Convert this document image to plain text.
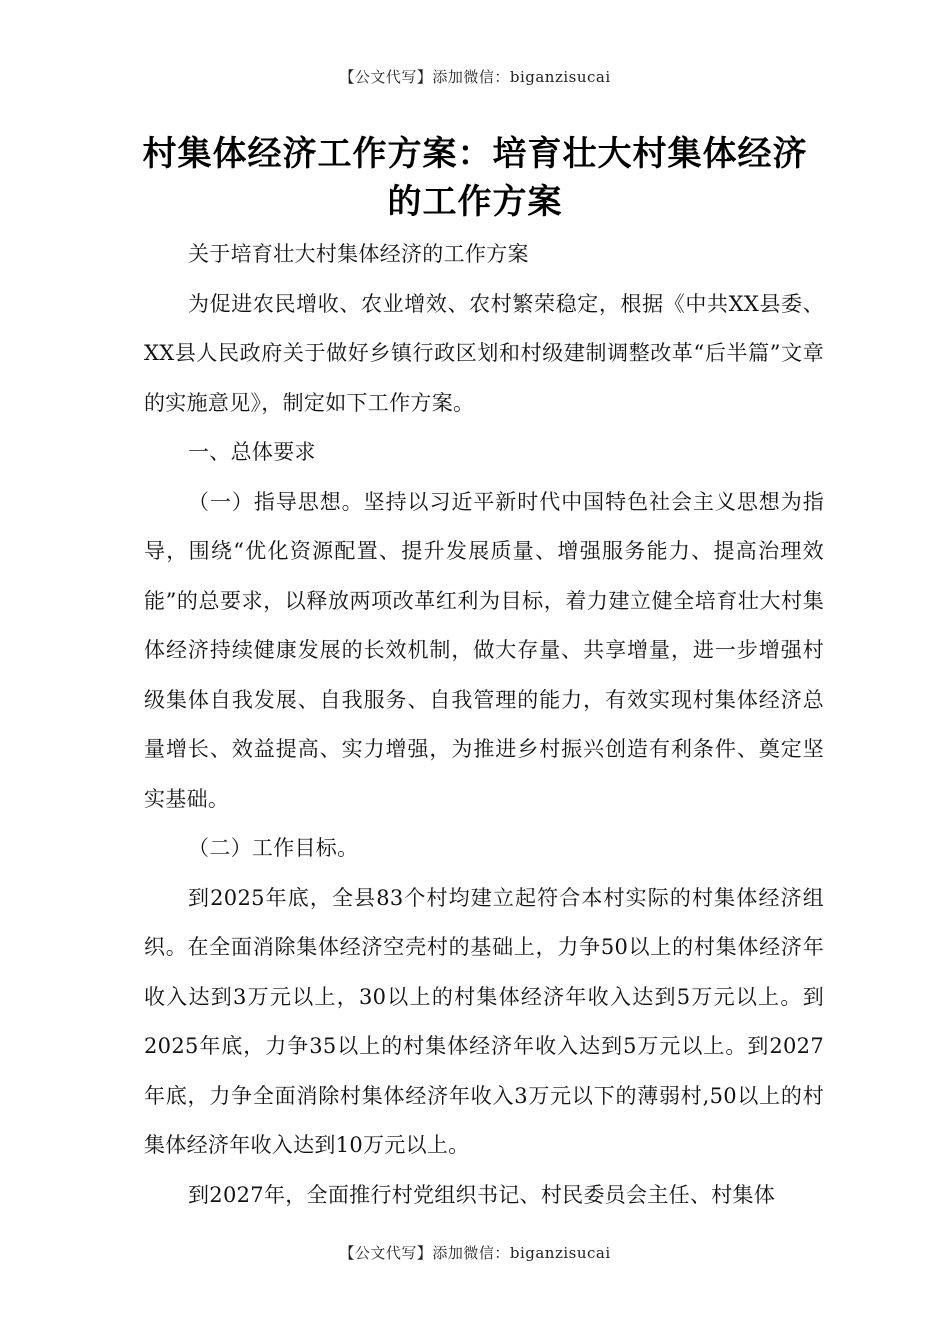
【公文代写】添加微信：biganzisucai
村集体经济工作方案：培育壮大村集体经济的工作方案

关于培育壮大村集体经济的工作方案

为促进农民增收、农业增效、农村繁荣稳定，根据《中共XX县委、XX县人民政府关于做好乡镇行政区划和村级建制调整改革“后半篇”文章的实施意见》，制定如下工作方案。

一、总体要求

（一）指导思想。坚持以习近平新时代中国特色社会主义思想为指导，围绕“优化资源配置、提升发展质量、增强服务能力、提高治理效能”的总要求，以释放两项改革红利为目标，着力建立健全培育壮大村集体经济持续健康发展的长效机制，做大存量、共享增量，进一步增强村级集体自我发展、自我服务、自我管理的能力，有效实现村集体经济总量增长、效益提高、实力增强，为推进乡村振兴创造有利条件、奠定坚实基础。

（二）工作目标。

到2025年底，全县83个村均建立起符合本村实际的村集体经济组织。在全面消除集体经济空壳村的基础上，力争50以上的村集体经济年收入达到3万元以上，30以上的村集体经济年收入达到5万元以上。到2025年底，力争35以上的村集体经济年收入达到5万元以上。到2027年底，力争全面消除村集体经济年收入3万元以下的薄弱村,50以上的村集体经济年收入达到10万元以上。

到2027年，全面推行村党组织书记、村民委员会主任、村集体

【公文代写】添加微信：biganzisucai
